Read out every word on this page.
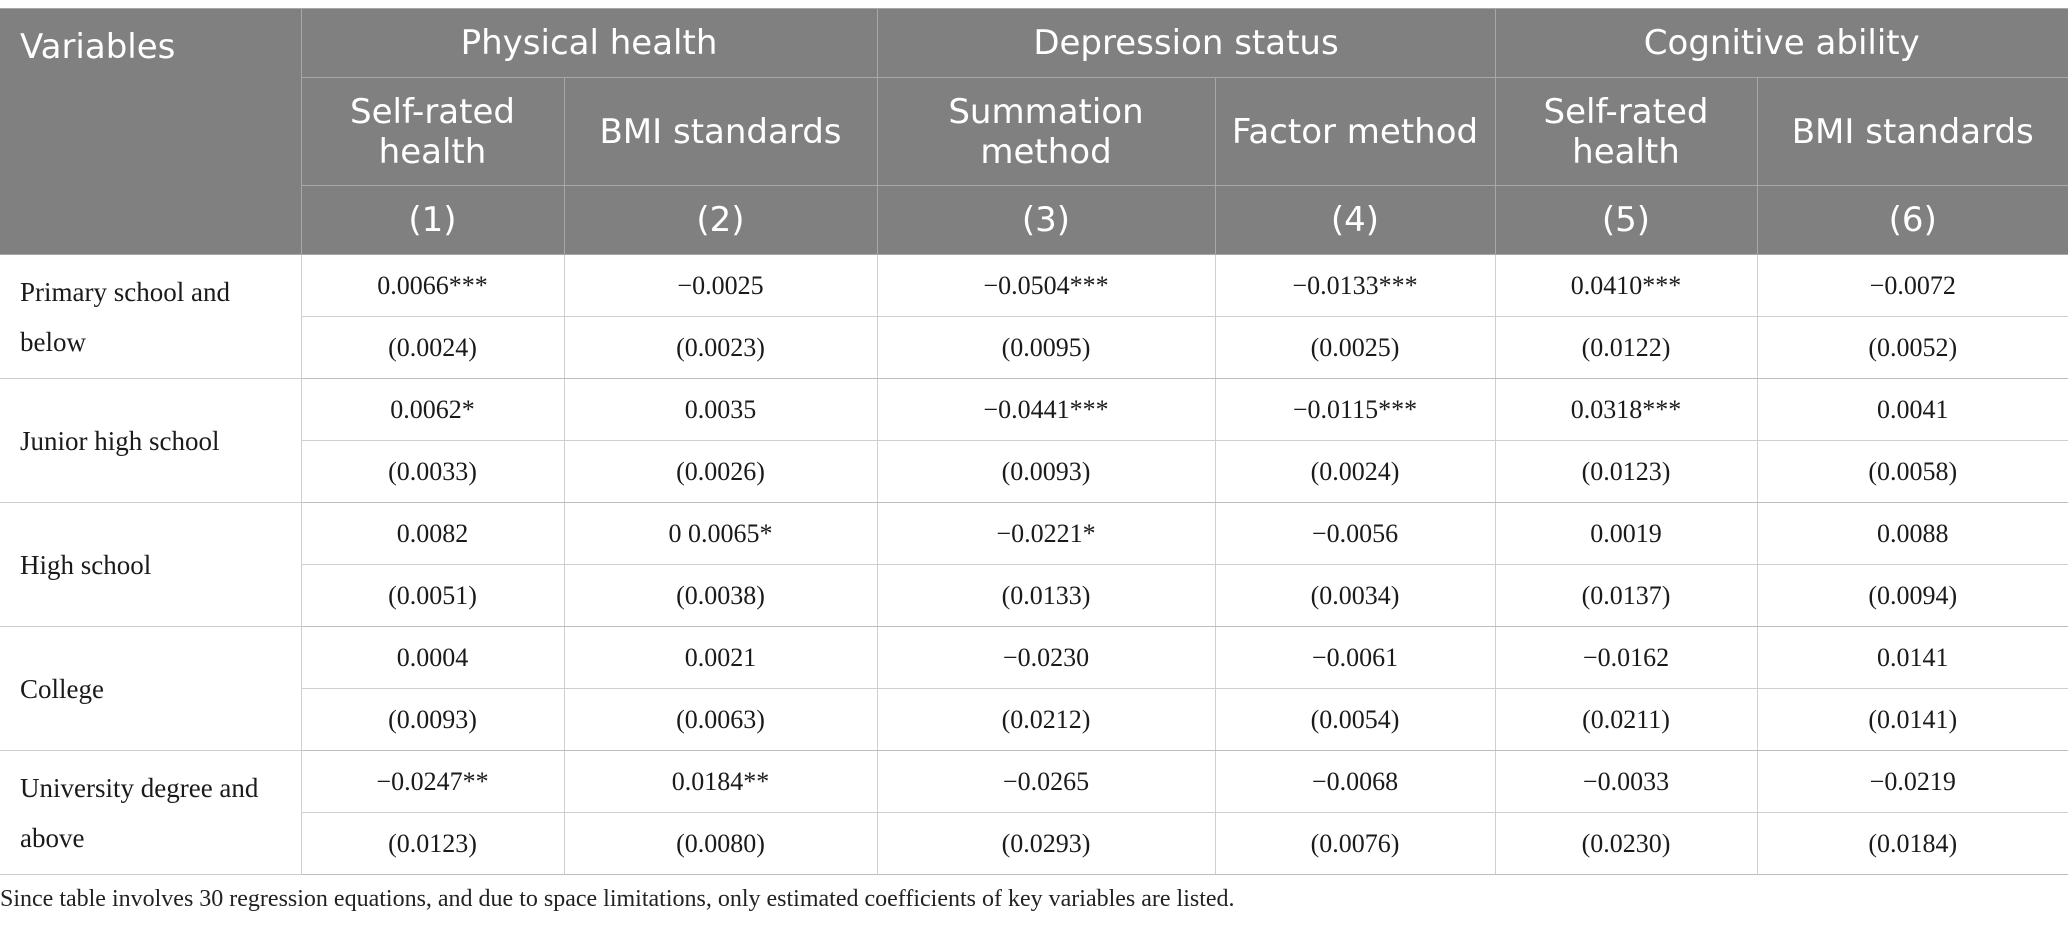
Variables	Physical health		Depression status		Cognitive ability	
	Self-rated health	BMI standards	Summation method	Factor method	Self-rated health	BMI standards
	(1)	(2)	(3)	(4)	(5)	(6)
Primary school and below	0.0066***	−0.0025	−0.0504***	−0.0133***	0.0410***	−0.0072
	(0.0024)	(0.0023)	(0.0095)	(0.0025)	(0.0122)	(0.0052)
Junior high school	0.0062*	0.0035	−0.0441***	−0.0115***	0.0318***	0.0041
	(0.0033)	(0.0026)	(0.0093)	(0.0024)	(0.0123)	(0.0058)
High school	0.0082	0 0.0065*	−0.0221*	−0.0056	0.0019	0.0088
	(0.0051)	(0.0038)	(0.0133)	(0.0034)	(0.0137)	(0.0094)
College	0.0004	0.0021	−0.0230	−0.0061	−0.0162	0.0141
	(0.0093)	(0.0063)	(0.0212)	(0.0054)	(0.0211)	(0.0141)
University degree and above	−0.0247**	0.0184**	−0.0265	−0.0068	−0.0033	−0.0219
	(0.0123)	(0.0080)	(0.0293)	(0.0076)	(0.0230)	(0.0184)
Since table involves 30 regression equations, and due to space limitations, only estimated coefficients of key variables are listed.
